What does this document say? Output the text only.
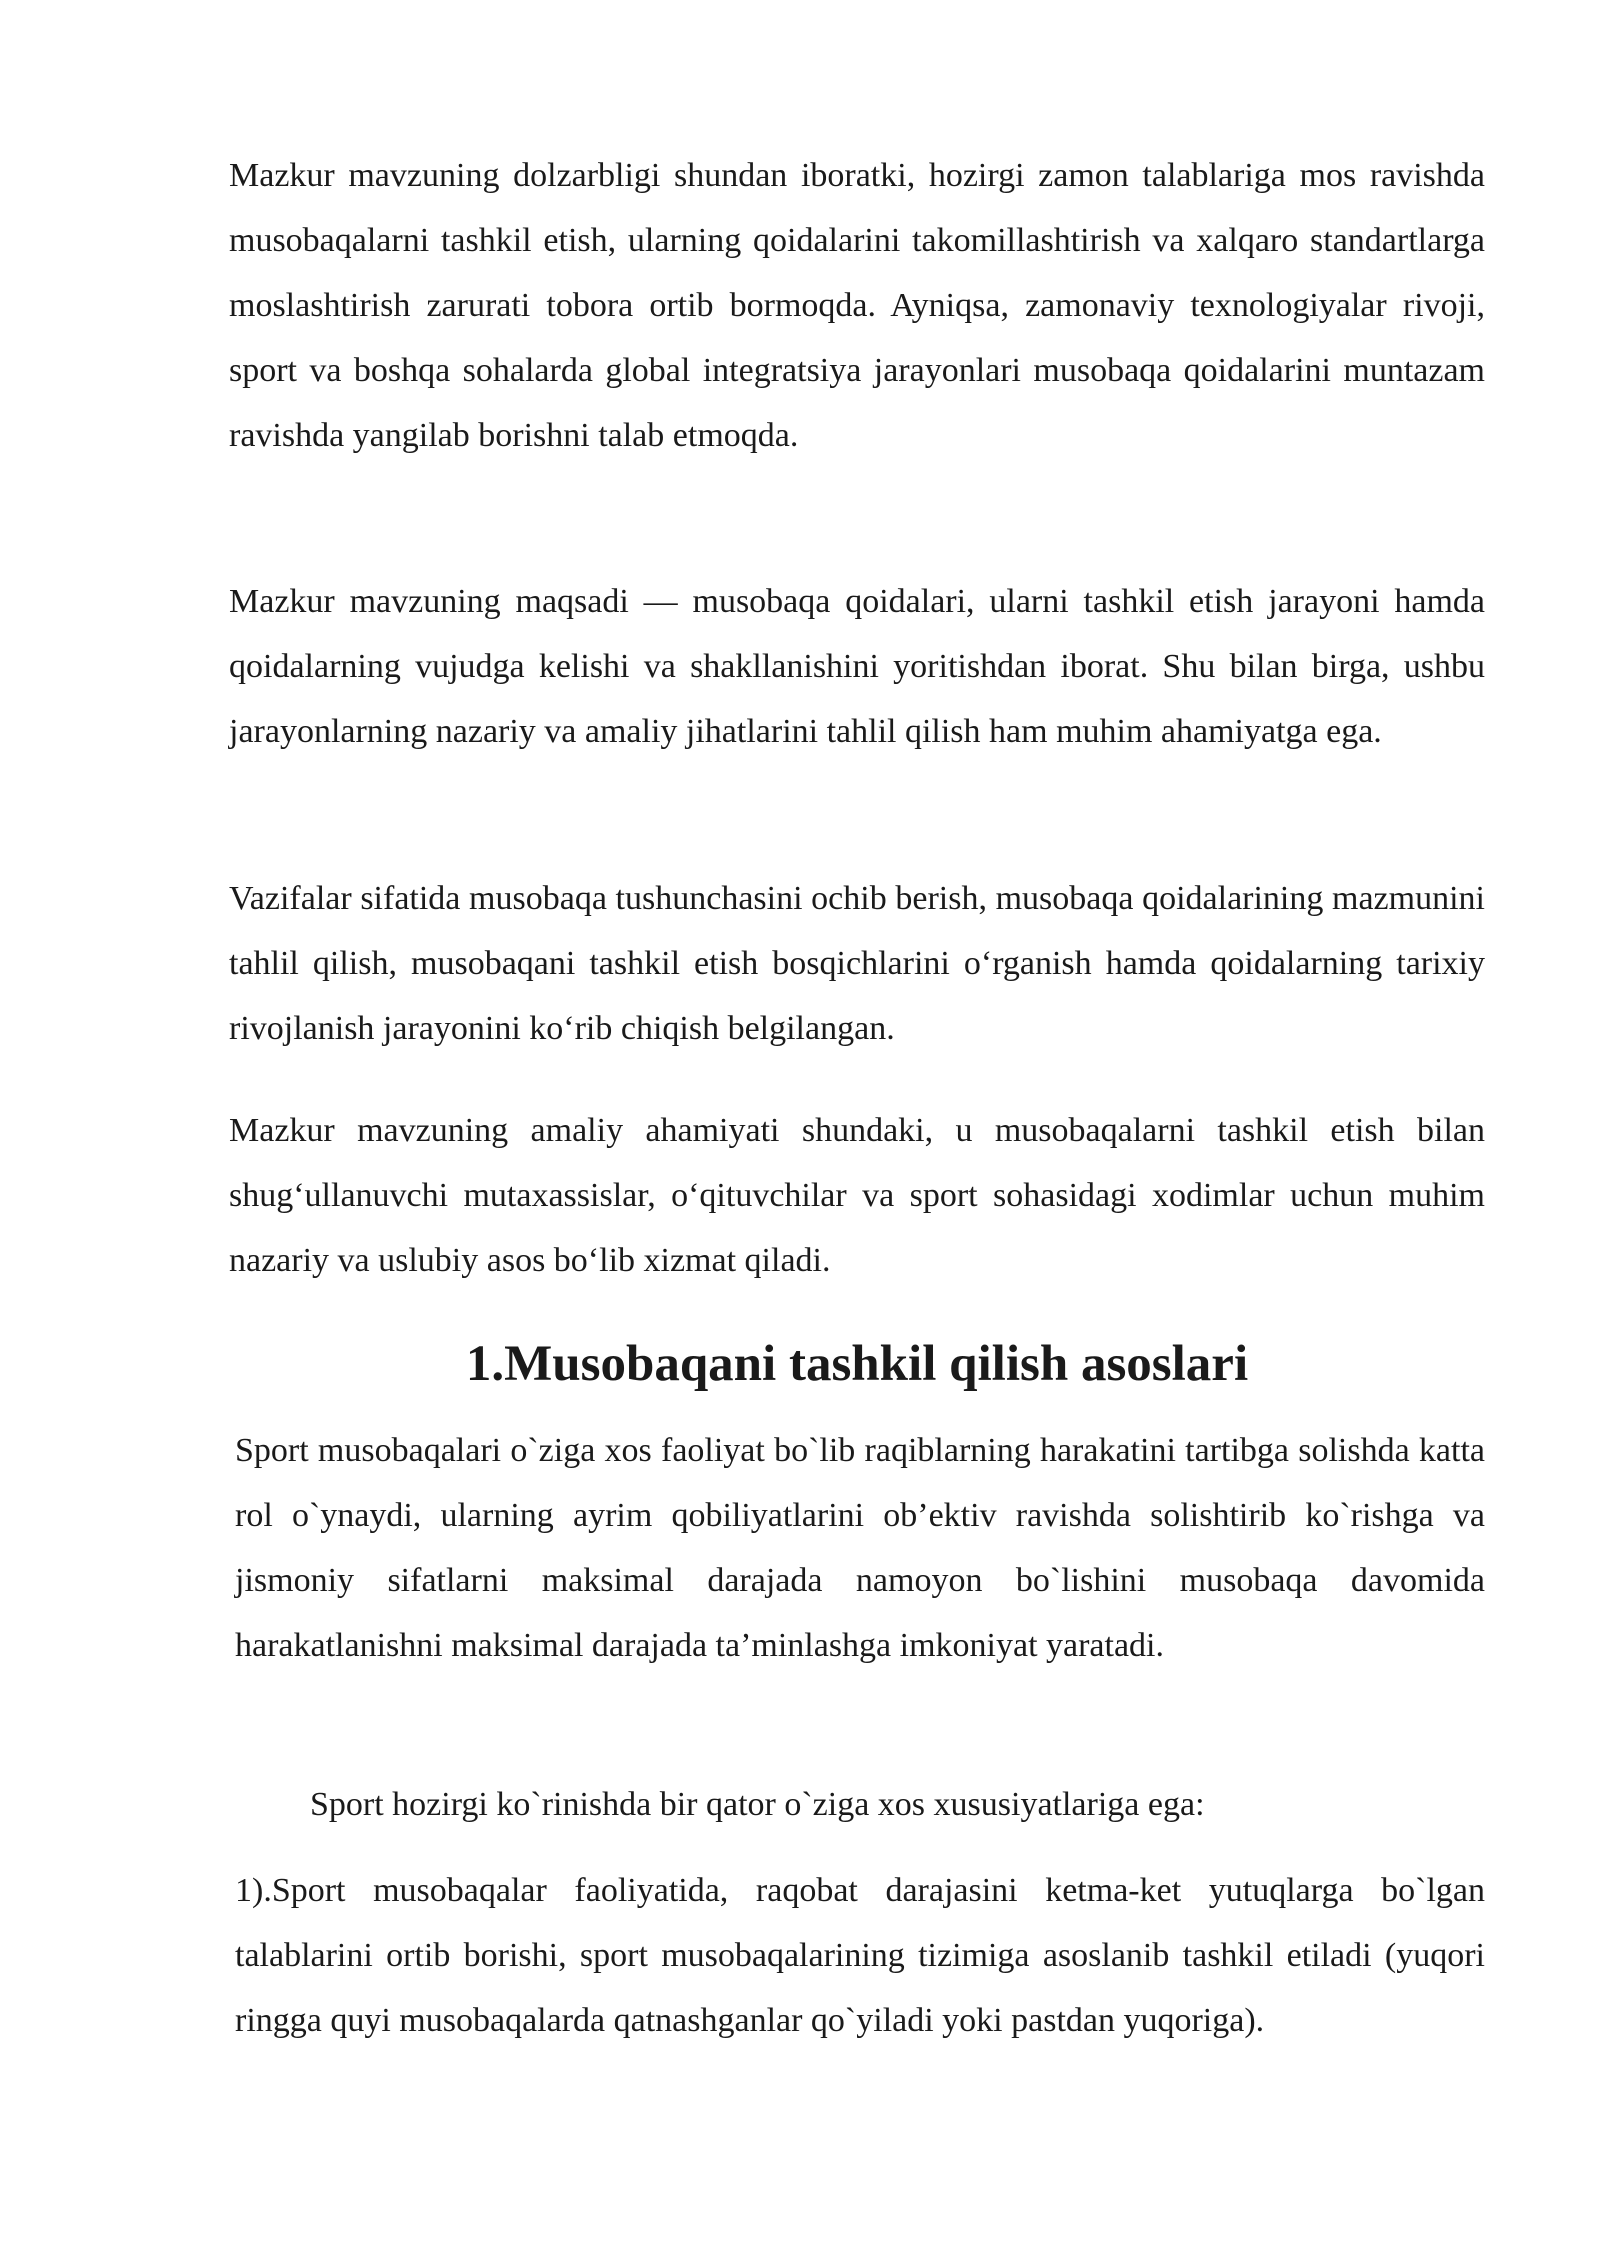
Mazkur mavzuning dolzarbligi shundan iboratki, hozirgi zamon talablariga mos ravishda musobaqalarni tashkil etish, ularning qoidalarini takomillashtirish va xalqaro standartlarga moslashtirish zarurati tobora ortib bormoqda. Ayniqsa, zamonaviy texnologiyalar rivoji, sport va boshqa sohalarda global integratsiya jarayonlari musobaqa qoidalarini muntazam ravishda yangilab borishni talab etmoqda.

Mazkur mavzuning maqsadi — musobaqa qoidalari, ularni tashkil etish jarayoni hamda qoidalarning vujudga kelishi va shakllanishini yoritishdan iborat. Shu bilan birga, ushbu jarayonlarning nazariy va amaliy jihatlarini tahlil qilish ham muhim ahamiyatga ega.

Vazifalar sifatida musobaqa tushunchasini ochib berish, musobaqa qoidalarining mazmunini tahlil qilish, musobaqani tashkil etish bosqichlarini o‘rganish hamda qoidalarning tarixiy rivojlanish jarayonini ko‘rib chiqish belgilangan.

Mazkur mavzuning amaliy ahamiyati shundaki, u musobaqalarni tashkil etish bilan shug‘ullanuvchi mutaxassislar, o‘qituvchilar va sport sohasidagi xodimlar uchun muhim nazariy va uslubiy asos bo‘lib xizmat qiladi.

1.Musobaqani tashkil qilish asoslari

Sport musobaqalari o`ziga xos faoliyat bo`lib raqiblarning harakatini tartibga solishda katta rol o`ynaydi, ularning ayrim qobiliyatlarini ob’ektiv ravishda solishtirib ko`rishga va jismoniy sifatlarni maksimal darajada namoyon bo`lishini musobaqa davomida harakatlanishni maksimal darajada ta’minlashga imkoniyat yaratadi.

Sport hozirgi ko`rinishda bir qator o`ziga xos xususiyatlariga ega:

1).Sport musobaqalar faoliyatida, raqobat darajasini ketma-ket yutuqlarga bo`lgan talablarini ortib borishi, sport musobaqalarining tizimiga asoslanib tashkil etiladi (yuqori ringga quyi musobaqalarda qatnashganlar qo`yiladi yoki pastdan yuqoriga).
